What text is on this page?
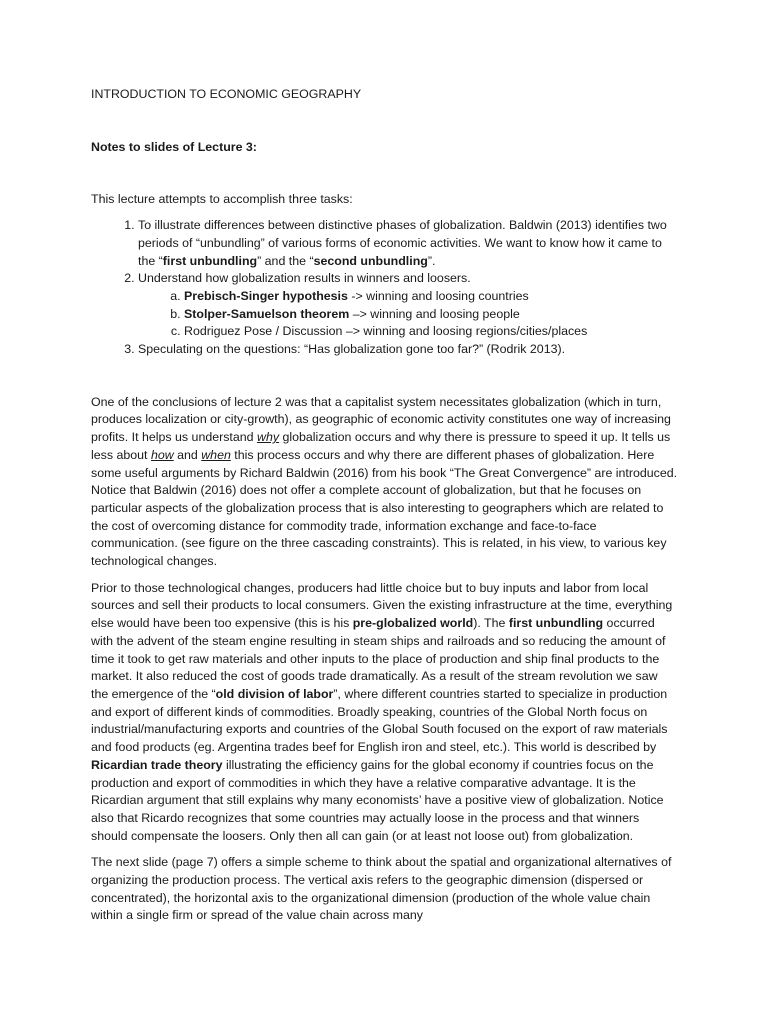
INTRODUCTION TO ECONOMIC GEOGRAPHY

Notes to slides of Lecture 3:

This lecture attempts to accomplish three tasks:

1. To illustrate differences between distinctive phases of globalization. Baldwin (2013) identifies two periods of “unbundling” of various forms of economic activities. We want to know how it came to the “first unbundling” and the “second unbundling”.
2. Understand how globalization results in winners and loosers.
a. Prebisch-Singer hypothesis -> winning and loosing countries
b. Stolper-Samuelson theorem –> winning and loosing people
c. Rodriguez Pose / Discussion –> winning and loosing regions/cities/places
3. Speculating on the questions: “Has globalization gone too far?” (Rodrik 2013).

One of the conclusions of lecture 2 was that a capitalist system necessitates globalization (which in turn, produces localization or city-growth), as geographic of economic activity constitutes one way of increasing profits. It helps us understand why globalization occurs and why there is pressure to speed it up. It tells us less about how and when this process occurs and why there are different phases of globalization. Here some useful arguments by Richard Baldwin (2016) from his book “The Great Convergence” are introduced. Notice that Baldwin (2016) does not offer a complete account of globalization, but that he focuses on particular aspects of the globalization process that is also interesting to geographers which are related to the cost of overcoming distance for commodity trade, information exchange and face-to-face communication. (see figure on the three cascading constraints). This is related, in his view, to various key technological changes.

Prior to those technological changes, producers had little choice but to buy inputs and labor from local sources and sell their products to local consumers. Given the existing infrastructure at the time, everything else would have been too expensive (this is his pre-globalized world). The first unbundling occurred with the advent of the steam engine resulting in steam ships and railroads and so reducing the amount of time it took to get raw materials and other inputs to the place of production and ship final products to the market. It also reduced the cost of goods trade dramatically. As a result of the stream revolution we saw the emergence of the “old division of labor”, where different countries started to specialize in production and export of different kinds of commodities. Broadly speaking, countries of the Global North focus on industrial/manufacturing exports and countries of the Global South focused on the export of raw materials and food products (eg. Argentina trades beef for English iron and steel, etc.). This world is described by Ricardian trade theory illustrating the efficiency gains for the global economy if countries focus on the production and export of commodities in which they have a relative comparative advantage. It is the Ricardian argument that still explains why many economists’ have a positive view of globalization. Notice also that Ricardo recognizes that some countries may actually loose in the process and that winners should compensate the loosers. Only then all can gain (or at least not loose out) from globalization.

The next slide (page 7) offers a simple scheme to think about the spatial and organizational alternatives of organizing the production process. The vertical axis refers to the geographic dimension (dispersed or concentrated), the horizontal axis to the organizational dimension (production of the whole value chain within a single firm or spread of the value chain across many
